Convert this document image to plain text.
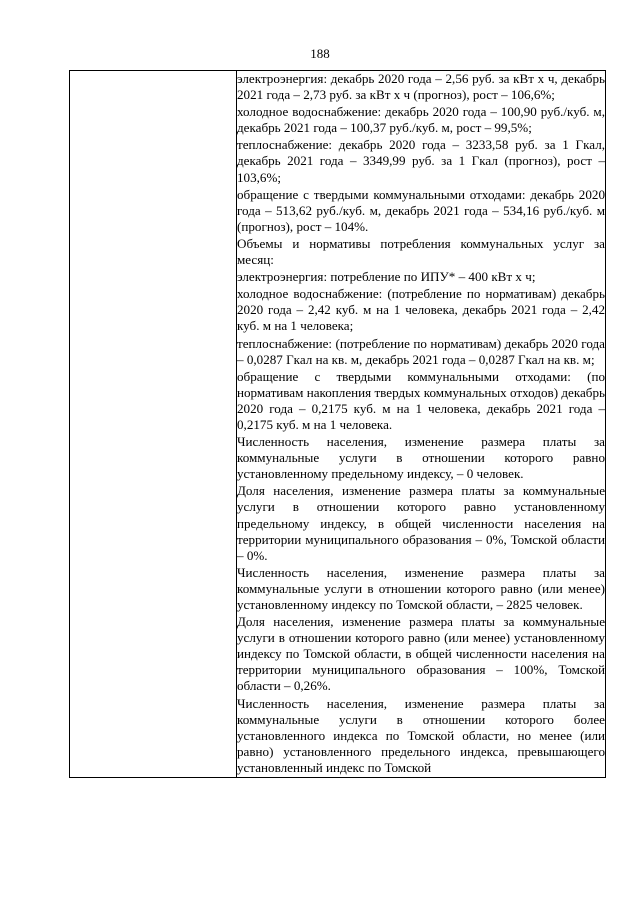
188

электроэнергия: декабрь 2020 года – 2,56 руб. за кВт х ч, декабрь 2021 года – 2,73 руб. за кВт х ч (прогноз), рост – 106,6%;

холодное водоснабжение: декабрь 2020 года – 100,90 руб./куб. м, декабрь 2021 года – 100,37 руб./куб. м, рост – 99,5%;

теплоснабжение: декабрь 2020 года – 3233,58 руб. за 1 Гкал, декабрь 2021 года – 3349,99 руб. за 1 Гкал (прогноз), рост – 103,6%;

обращение с твердыми коммунальными отходами: декабрь 2020 года – 513,62 руб./куб. м, декабрь 2021 года – 534,16 руб./куб. м (прогноз), рост – 104%.

Объемы и нормативы потребления коммунальных услуг за месяц:

электроэнергия: потребление по ИПУ* – 400 кВт х ч;

холодное водоснабжение: (потребление по нормативам) декабрь 2020 года – 2,42 куб. м на 1 человека, декабрь 2021 года – 2,42 куб. м на 1 человека;

теплоснабжение: (потребление по нормативам) декабрь 2020 года – 0,0287 Гкал на кв. м, декабрь 2021 года – 0,0287 Гкал на кв. м;

обращение с твердыми коммунальными отходами: (по нормативам накопления твердых коммунальных отходов) декабрь 2020 года – 0,2175 куб. м на 1 человека, декабрь 2021 года – 0,2175 куб. м на 1 человека.

Численность населения, изменение размера платы за коммунальные услуги в отношении которого равно установленному предельному индексу, – 0 человек.

Доля населения, изменение размера платы за коммунальные услуги в отношении которого равно установленному предельному индексу, в общей численности населения на территории муниципального образования – 0%, Томской области – 0%.

Численность населения, изменение размера платы за коммунальные услуги в отношении которого равно (или менее) установленному индексу по Томской области, – 2825 человек.

Доля населения, изменение размера платы за коммунальные услуги в отношении которого равно (или менее) установленному индексу по Томской области, в общей численности населения на территории муниципального образования – 100%, Томской области – 0,26%.

Численность населения, изменение размера платы за коммунальные услуги в отношении которого более установленного индекса по Томской области, но менее (или равно) установленного предельного индекса, превышающего установленный индекс по Томской
